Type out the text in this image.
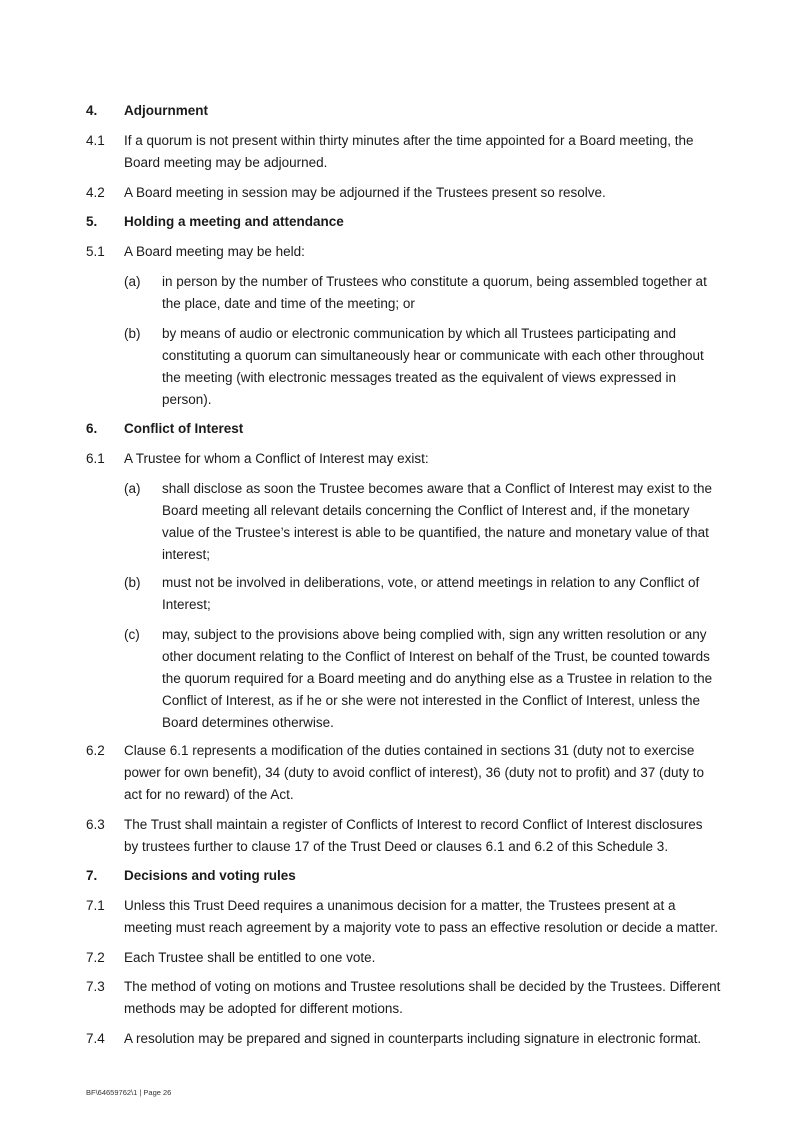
4. Adjournment
4.1 If a quorum is not present within thirty minutes after the time appointed for a Board meeting, the
Board meeting may be adjourned.
4.2 A Board meeting in session may be adjourned if the Trustees present so resolve.
5. Holding a meeting and attendance
5.1 A Board meeting may be held:
(a) in person by the number of Trustees who constitute a quorum, being assembled together at
the place, date and time of the meeting; or
(b) by means of audio or electronic communication by which all Trustees participating and
constituting a quorum can simultaneously hear or communicate with each other throughout
the meeting (with electronic messages treated as the equivalent of views expressed in
person).
6. Conflict of Interest
6.1 A Trustee for whom a Conflict of Interest may exist:
(a) shall disclose as soon the Trustee becomes aware that a Conflict of Interest may exist to the
Board meeting all relevant details concerning the Conflict of Interest and, if the monetary
value of the Trustee’s interest is able to be quantified, the nature and monetary value of that
interest;
(b) must not be involved in deliberations, vote, or attend meetings in relation to any Conflict of
Interest;
(c) may, subject to the provisions above being complied with, sign any written resolution or any
other document relating to the Conflict of Interest on behalf of the Trust, be counted towards
the quorum required for a Board meeting and do anything else as a Trustee in relation to the
Conflict of Interest, as if he or she were not interested in the Conflict of Interest, unless the
Board determines otherwise.
6.2 Clause 6.1 represents a modification of the duties contained in sections 31 (duty not to exercise
power for own benefit), 34 (duty to avoid conflict of interest), 36 (duty not to profit) and 37 (duty to
act for no reward) of the Act.
6.3 The Trust shall maintain a register of Conflicts of Interest to record Conflict of Interest disclosures
by trustees further to clause 17 of the Trust Deed or clauses 6.1 and 6.2 of this Schedule 3.
7. Decisions and voting rules
7.1 Unless this Trust Deed requires a unanimous decision for a matter, the Trustees present at a
meeting must reach agreement by a majority vote to pass an effective resolution or decide a matter.
7.2 Each Trustee shall be entitled to one vote.
7.3 The method of voting on motions and Trustee resolutions shall be decided by the Trustees. Different
methods may be adopted for different motions.
7.4 A resolution may be prepared and signed in counterparts including signature in electronic format.
BF\64659762\1 | Page 26
